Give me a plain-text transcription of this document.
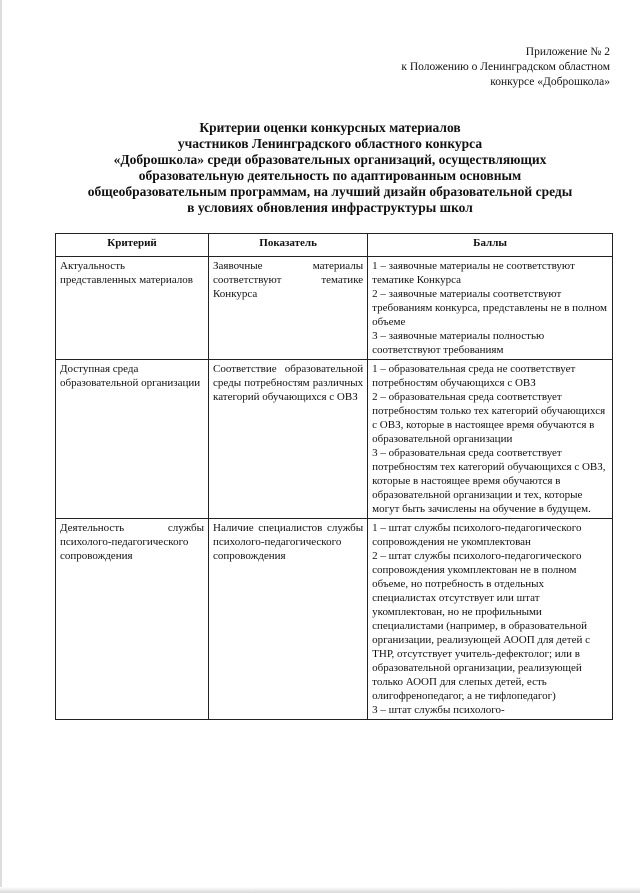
Приложение № 2
к Положению о Ленинградском областном
конкурсе «Доброшкола»
Критерии оценки конкурсных материалов
участников Ленинградского областного конкурса
«Доброшкола» среди образовательных организаций, осуществляющих
образовательную деятельность по адаптированным основным
общеобразовательным программам, на лучший дизайн образовательной среды
в условиях обновления инфраструктуры школ
Критерий	Показатель	Баллы
Актуальность представленных материалов	Заявочные материалы соответствуют тематике Конкурса	1 – заявочные материалы не соответствуют тематике Конкурса
2 – заявочные материалы соответствуют требованиям конкурса, представлены не в полном объеме
3 – заявочные материалы полностью соответствуют требованиям

Доступная среда образовательной организации	Соответствие образовательной среды потребностям различных категорий обучающихся с ОВЗ	1 – образовательная среда не соответствует потребностям обучающихся с ОВЗ
2 – образовательная среда соответствует потребностям только тех категорий обучающихся с ОВЗ, которые в настоящее время обучаются в образовательной организации
3 – образовательная среда соответствует потребностям тех категорий обучающихся с ОВЗ, которые в настоящее время обучаются в образовательной организации и тех, которые могут быть зачислены на обучение в будущем.

Деятельность службы психолого-педагогического сопровождения	Наличие специалистов службы психолого-педагогического сопровождения	1 – штат службы психолого-педагогического сопровождения не укомплектован
2 – штат службы психолого-педагогического сопровождения укомплектован не в полном объеме, но потребность в отдельных специалистах отсутствует или штат укомплектован, но не профильными специалистами (например, в образовательной организации, реализующей АООП для детей с ТНР, отсутствует учитель-дефектолог; или в образовательной организации, реализующей только АООП для слепых детей, есть олигофренопедагог, а не тифлопедагог)
3 – штат службы психолого-
